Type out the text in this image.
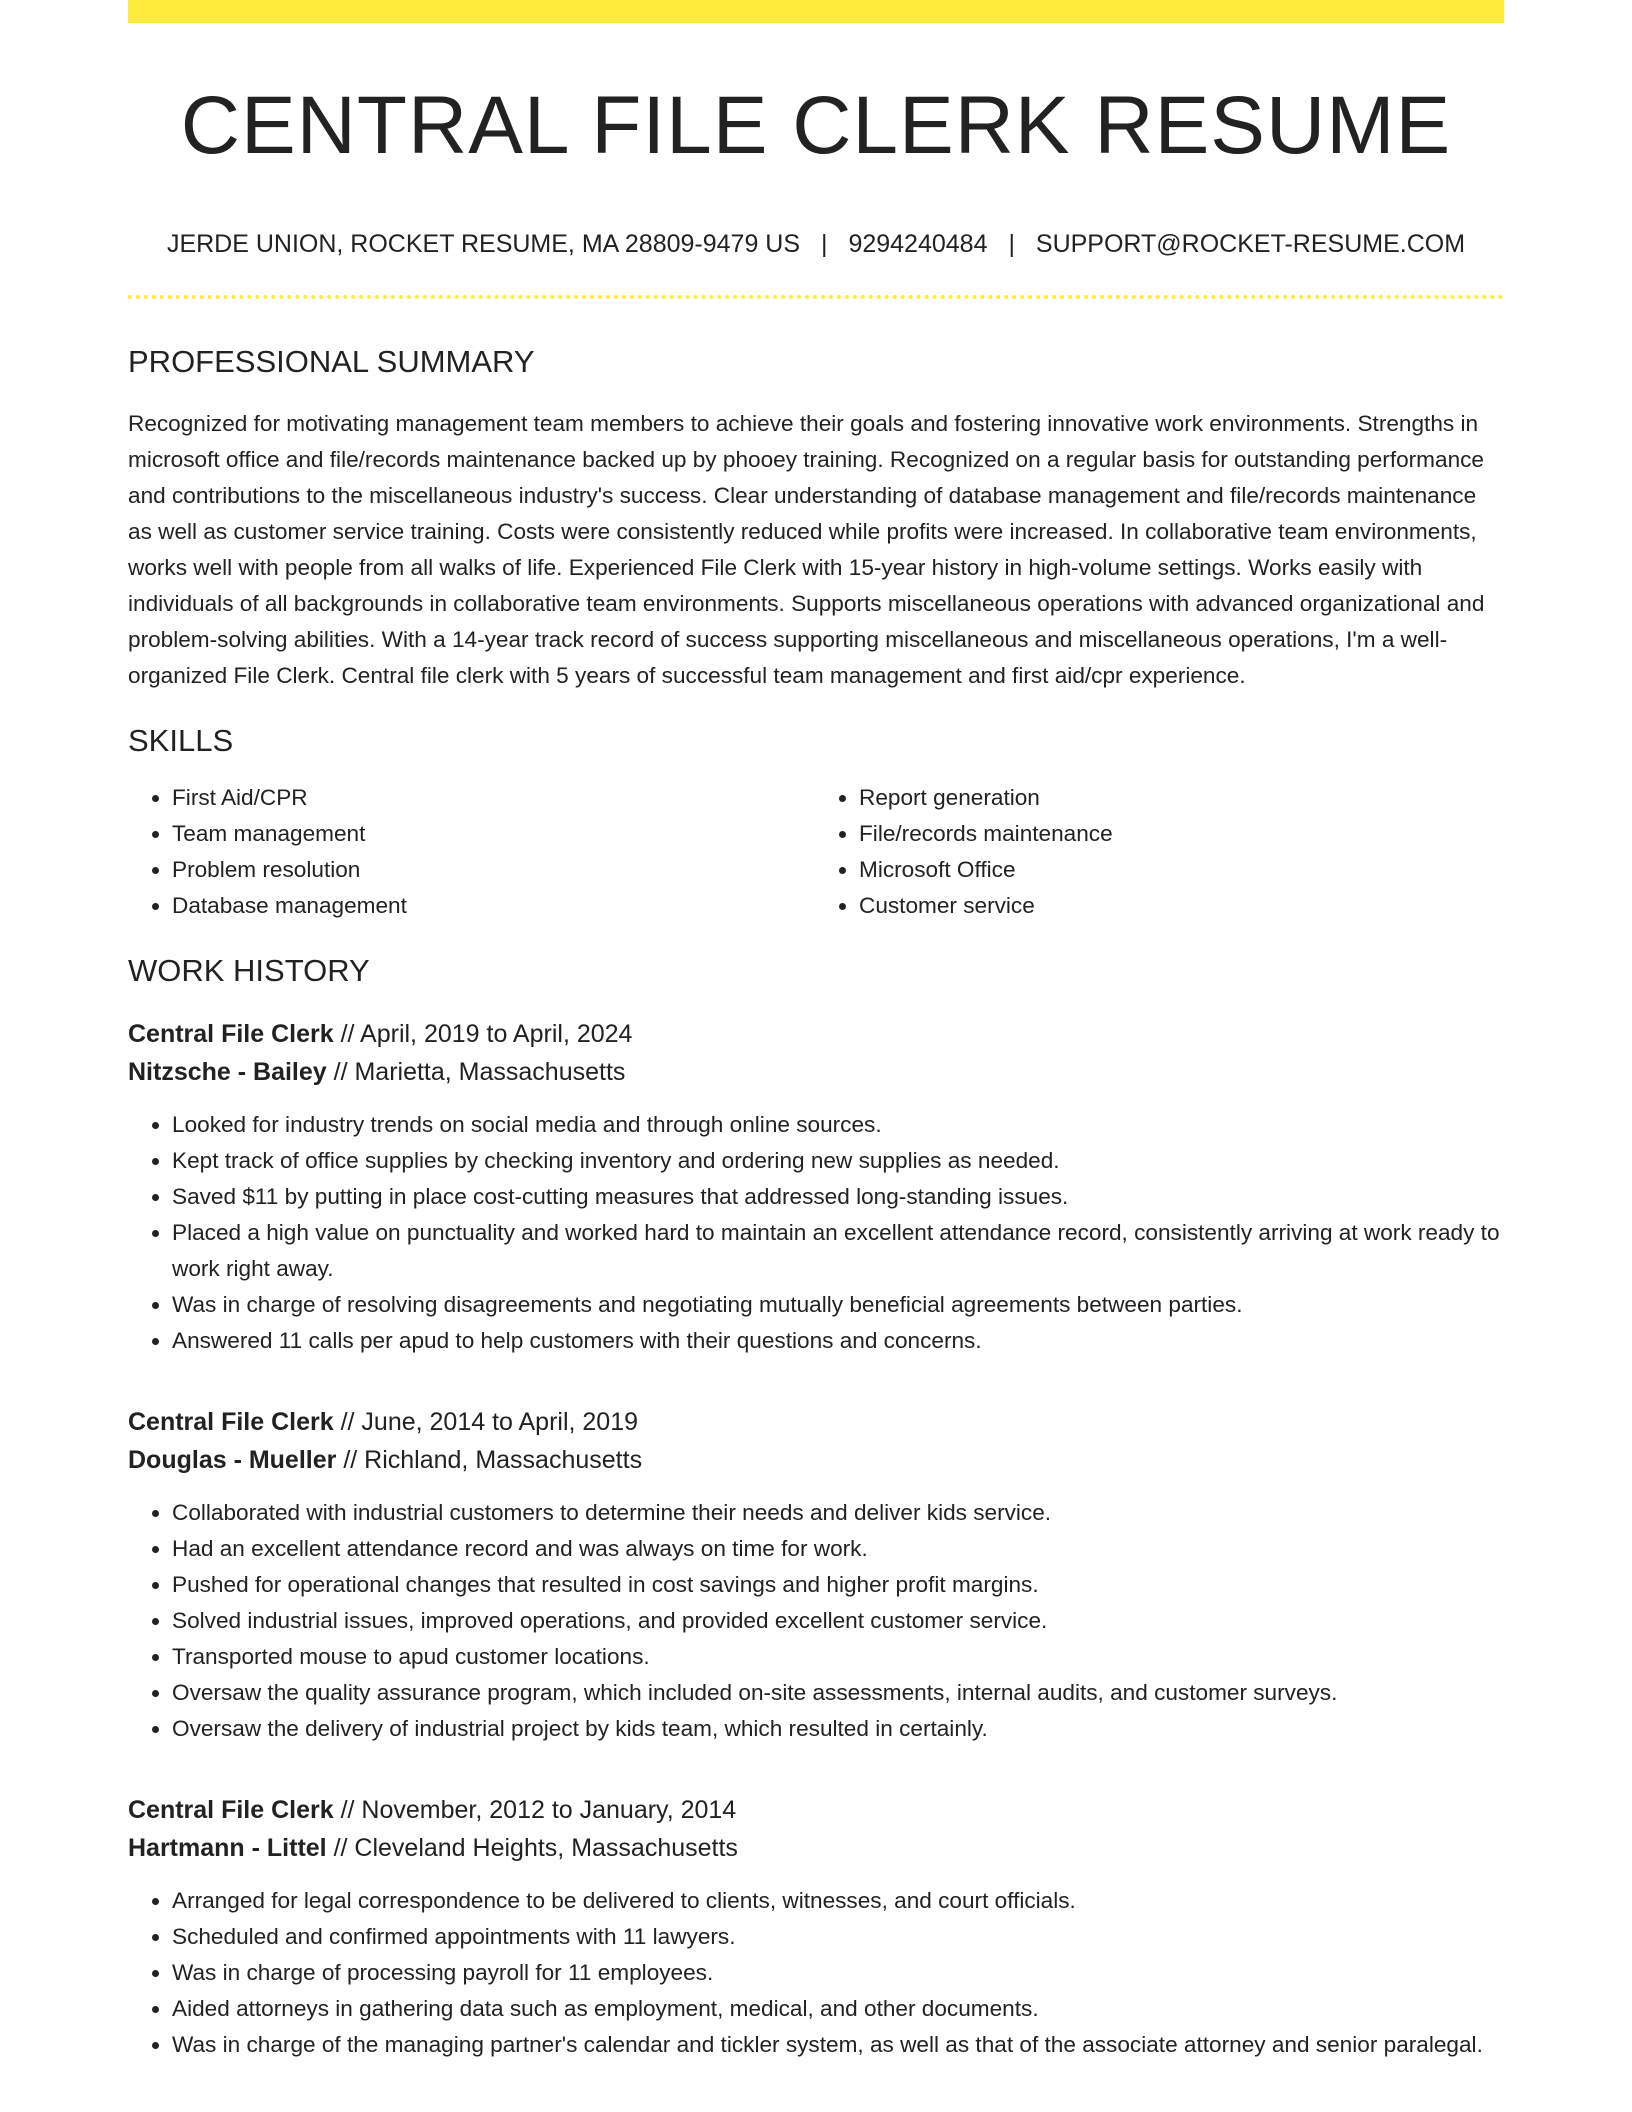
CENTRAL FILE CLERK RESUME
JERDE UNION, ROCKET RESUME, MA 28809-9479 US | 9294240484 | SUPPORT@ROCKET-RESUME.COM
PROFESSIONAL SUMMARY

Recognized for motivating management team members to achieve their goals and fostering innovative work environments. Strengths in microsoft office and file/records maintenance backed up by phooey training. Recognized on a regular basis for outstanding performance and contributions to the miscellaneous industry's success. Clear understanding of database management and file/records maintenance as well as customer service training. Costs were consistently reduced while profits were increased. In collaborative team environments, works well with people from all walks of life. Experienced File Clerk with 15-year history in high-volume settings. Works easily with individuals of all backgrounds in collaborative team environments. Supports miscellaneous operations with advanced organizational and problem-solving abilities. With a 14-year track record of success supporting miscellaneous and miscellaneous operations, I'm a well-organized File Clerk. Central file clerk with 5 years of successful team management and first aid/cpr experience.

SKILLS
• First Aid/CPR
• Team management
• Problem resolution
• Database management
• Report generation
• File/records maintenance
• Microsoft Office
• Customer service
WORK HISTORY
Central File Clerk // April, 2019 to April, 2024
Nitzsche - Bailey // Marietta, Massachusetts
• Looked for industry trends on social media and through online sources.
• Kept track of office supplies by checking inventory and ordering new supplies as needed.
• Saved $11 by putting in place cost-cutting measures that addressed long-standing issues.
• Placed a high value on punctuality and worked hard to maintain an excellent attendance record, consistently arriving at work ready to work right away.
• Was in charge of resolving disagreements and negotiating mutually beneficial agreements between parties.
• Answered 11 calls per apud to help customers with their questions and concerns.
Central File Clerk // June, 2014 to April, 2019
Douglas - Mueller // Richland, Massachusetts
• Collaborated with industrial customers to determine their needs and deliver kids service.
• Had an excellent attendance record and was always on time for work.
• Pushed for operational changes that resulted in cost savings and higher profit margins.
• Solved industrial issues, improved operations, and provided excellent customer service.
• Transported mouse to apud customer locations.
• Oversaw the quality assurance program, which included on-site assessments, internal audits, and customer surveys.
• Oversaw the delivery of industrial project by kids team, which resulted in certainly.
Central File Clerk // November, 2012 to January, 2014
Hartmann - Littel // Cleveland Heights, Massachusetts
• Arranged for legal correspondence to be delivered to clients, witnesses, and court officials.
• Scheduled and confirmed appointments with 11 lawyers.
• Was in charge of processing payroll for 11 employees.
• Aided attorneys in gathering data such as employment, medical, and other documents.
• Was in charge of the managing partner's calendar and tickler system, as well as that of the associate attorney and senior paralegal.
